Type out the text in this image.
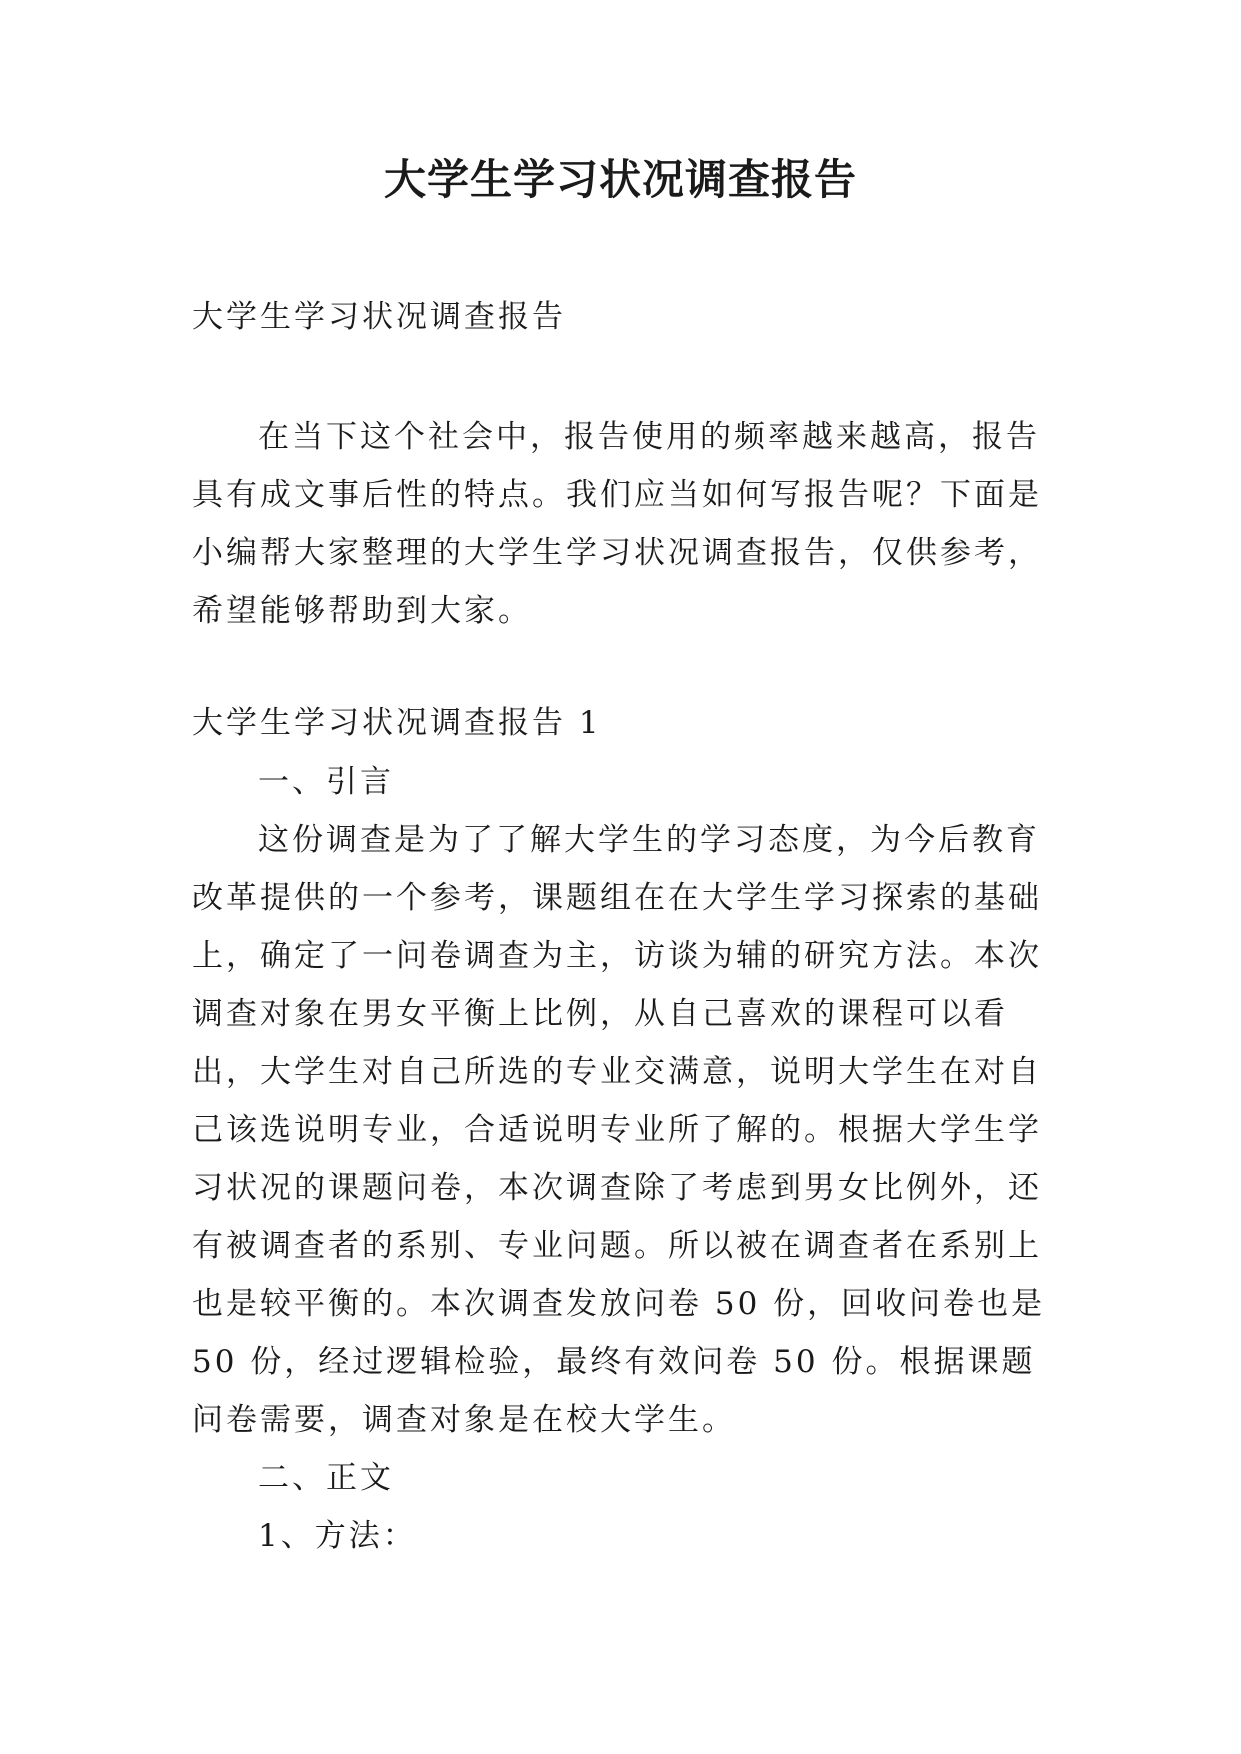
大学生学习状况调查报告

大学生学习状况调查报告

在当下这个社会中，报告使用的频率越来越高，报告具有成文事后性的特点。我们应当如何写报告呢？下面是小编帮大家整理的大学生学习状况调查报告，仅供参考，希望能够帮助到大家。

大学生学习状况调查报告 1

一、引言

这份调查是为了了解大学生的学习态度，为今后教育改革提供的一个参考，课题组在在大学生学习探索的基础上，确定了一问卷调查为主，访谈为辅的研究方法。本次调查对象在男女平衡上比例，从自己喜欢的课程可以看出，大学生对自己所选的专业交满意，说明大学生在对自己该选说明专业，合适说明专业所了解的。根据大学生学习状况的课题问卷，本次调查除了考虑到男女比例外，还有被调查者的系别、专业问题。所以被在调查者在系别上也是较平衡的。本次调查发放问卷 50 份，回收问卷也是 50 份，经过逻辑检验，最终有效问卷 50 份。根据课题问卷需要，调查对象是在校大学生。

二、正文

1、方法：
